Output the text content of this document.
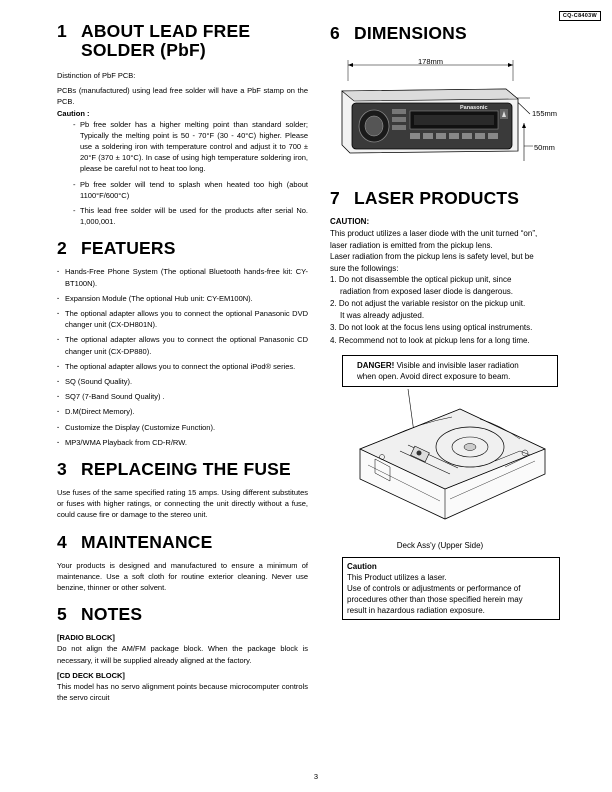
CQ-C8403W
1 ABOUT LEAD FREE
SOLDER (PbF)

Distinction of PbF PCB:

PCBs (manufactured) using lead free solder will have a PbF stamp on the PCB.

Caution :
- Pb free solder has a higher melting point than standard solder; Typically the melting point is 50 - 70°F (30 - 40°C) higher. Please use a soldering iron with temperature control and adjust it to 700 ± 20°F (370 ± 10°C). In case of using high temperature soldering iron, please be careful not to heat too long.
- Pb free solder will tend to splash when heated too high (about 1100°F/600°C)
- This lead free solder will be used for the products after serial No. 1,000,001.
2 FEATUERS
· Hands-Free Phone System (The optional Bluetooth hands-free kit: CY-BT100N).
· Expansion Module (The optional Hub unit: CY-EM100N).
· The optional adapter allows you to connect the optional Panasonic DVD changer unit (CX-DH801N).
· The optional adapter allows you to connect the optional Panasonic CD changer unit (CX-DP880).
· The optional adapter allows you to connect the optional iPod® series.
· SQ (Sound Quality).
· SQ7 (7-Band Sound Quality) .
· D.M(Direct Memory).
· Customize the Display (Customize Function).
· MP3/WMA Playback from CD-R/RW.
3 REPLACEING THE FUSE

Use fuses of the same specified rating 15 amps. Using different substitutes or fuses with higher ratings, or connecting the unit directly without a fuse, could cause fire or damage to the stereo unit.

4 MAINTENANCE

Your products is designed and manufactured to ensure a minimum of maintenance. Use a soft cloth for routine exterior cleaning. Never use benzine, thinner or other solvent.

5 NOTES
[RADIO BLOCK]

Do not align the AM/FM package block. When the package block is necessary, it will be supplied already aligned at the factory.

[CD DECK BLOCK]

This model has no servo alignment points because microcomputer controls the servo circuit

6 DIMENSIONS
178mm
155mm
50mm
Panasonic
7 LASER PRODUCTS
CAUTION:
This product utilizes a laser diode with the unit turned “on”,
laser radiation is emitted from the pickup lens.
Laser radiation from the pickup lens is safety level, but be
sure the followings:
1. Do not disassemble the optical pickup unit, since
radiation from exposed laser diode is dangerous.
2. Do not adjust the variable resistor on the pickup unit.
It was already adjusted.
3. Do not look at the focus lens using optical instruments.
4. Recommend not to look at pickup lens for a long time.
DANGER! Visible and invisible laser radiation
when open. Avoid direct exposure to beam.
Deck Ass'y (Upper Side)
Caution
This Product utilizes a laser.
Use of controls or adjustments or performance of
procedures other than those specified herein may
result in hazardous radiation exposure.
3
